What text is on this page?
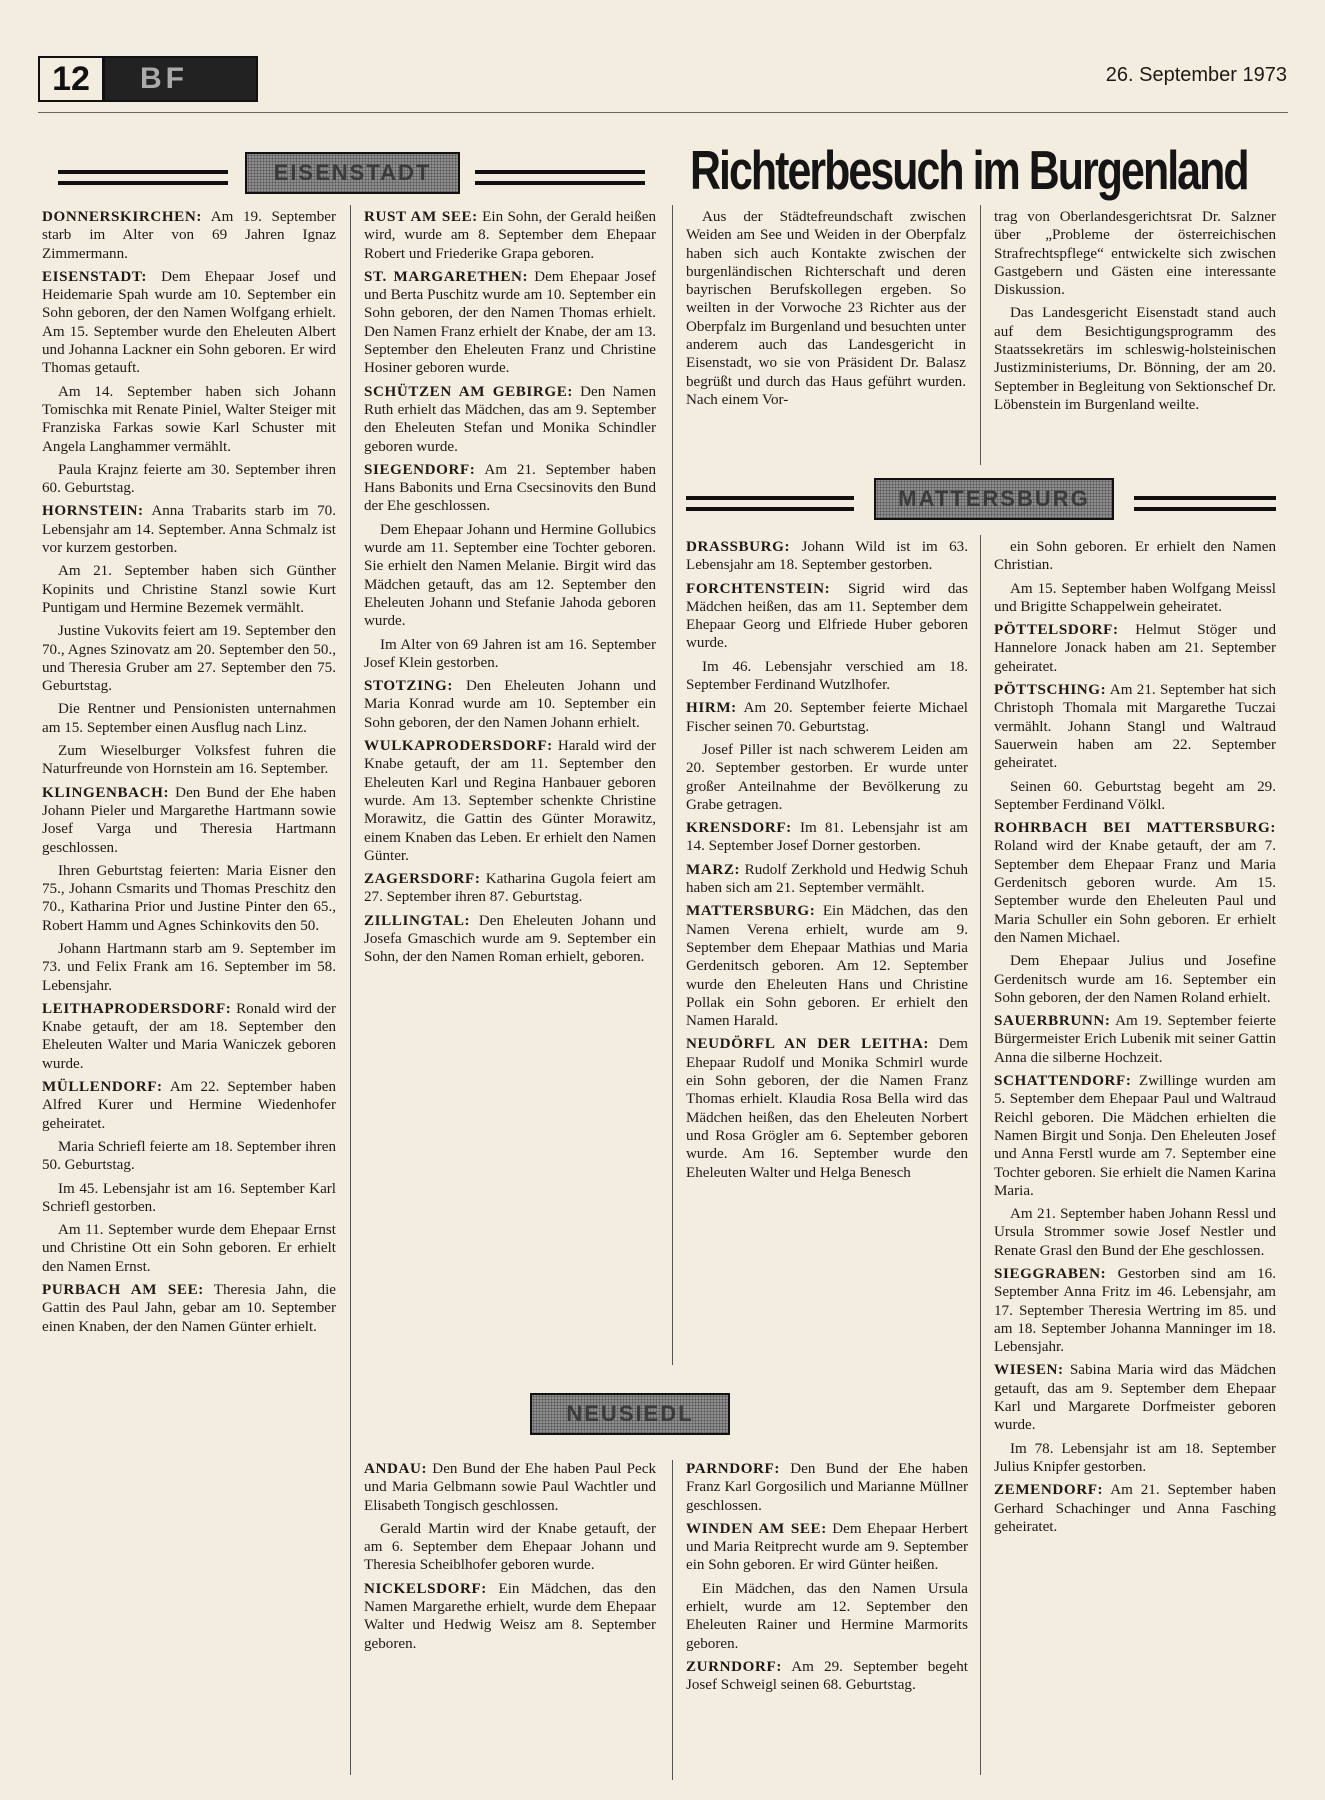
12	BF	26. September 1973
EISENSTADT	Richterbesuch im Burgenland

DONNERSKIRCHEN: Am 19. September starb im Alter von 69 Jahren Ignaz Zimmermann.

EISENSTADT: Dem Ehepaar Josef und Heidemarie Spah wurde am 10. September ein Sohn geboren, der den Namen Wolfgang erhielt. Am 15. September wurde den Eheleuten Albert und Johanna Lackner ein Sohn geboren. Er wird Thomas getauft.

Am 14. September haben sich Johann Tomischka mit Renate Piniel, Walter Steiger mit Franziska Farkas sowie Karl Schuster mit Angela Langhammer vermählt.

Paula Krajnz feierte am 30. September ihren 60. Geburtstag.

HORNSTEIN: Anna Trabarits starb im 70. Lebensjahr am 14. September. Anna Schmalz ist vor kurzem gestorben.

Am 21. September haben sich Günther Kopinits und Christine Stanzl sowie Kurt Puntigam und Hermine Bezemek vermählt.

Justine Vukovits feiert am 19. September den 70., Agnes Szinovatz am 20. September den 50., und Theresia Gruber am 27. September den 75. Geburtstag.

Die Rentner und Pensionisten unternahmen am 15. September einen Ausflug nach Linz.

Zum Wieselburger Volksfest fuhren die Naturfreunde von Hornstein am 16. September.

KLINGENBACH: Den Bund der Ehe haben Johann Pieler und Margarethe Hartmann sowie Josef Varga und Theresia Hartmann geschlossen.

Ihren Geburtstag feierten: Maria Eisner den 75., Johann Csmarits und Thomas Preschitz den 70., Katharina Prior und Justine Pinter den 65., Robert Hamm und Agnes Schinkovits den 50.

Johann Hartmann starb am 9. September im 73. und Felix Frank am 16. September im 58. Lebensjahr.

LEITHAPRODERSDORF: Ronald wird der Knabe getauft, der am 18. September den Eheleuten Walter und Maria Waniczek geboren wurde.

MÜLLENDORF: Am 22. September haben Alfred Kurer und Hermine Wiedenhofer geheiratet.

Maria Schriefl feierte am 18. September ihren 50. Geburtstag.

Im 45. Lebensjahr ist am 16. September Karl Schriefl gestorben.

Am 11. September wurde dem Ehepaar Ernst und Christine Ott ein Sohn geboren. Er erhielt den Namen Ernst.

PURBACH AM SEE: Theresia Jahn, die Gattin des Paul Jahn, gebar am 10. September einen Knaben, der den Namen Günter erhielt.

RUST AM SEE: Ein Sohn, der Gerald heißen wird, wurde am 8. September dem Ehepaar Robert und Friederike Grapa geboren.

ST. MARGARETHEN: Dem Ehepaar Josef und Berta Puschitz wurde am 10. September ein Sohn geboren, der den Namen Thomas erhielt. Den Namen Franz erhielt der Knabe, der am 13. September den Eheleuten Franz und Christine Hosiner geboren wurde.

SCHÜTZEN AM GEBIRGE: Den Namen Ruth erhielt das Mädchen, das am 9. September den Eheleuten Stefan und Monika Schindler geboren wurde.

SIEGENDORF: Am 21. September haben Hans Babonits und Erna Csecsinovits den Bund der Ehe geschlossen.

Dem Ehepaar Johann und Hermine Gollubics wurde am 11. September eine Tochter geboren. Sie erhielt den Namen Melanie. Birgit wird das Mädchen getauft, das am 12. September den Eheleuten Johann und Stefanie Jahoda geboren wurde.

Im Alter von 69 Jahren ist am 16. September Josef Klein gestorben.

STOTZING: Den Eheleuten Johann und Maria Konrad wurde am 10. September ein Sohn geboren, der den Namen Johann erhielt.

WULKAPRODERSDORF: Harald wird der Knabe getauft, der am 11. September den Eheleuten Karl und Regina Hanbauer geboren wurde. Am 13. September schenkte Christine Morawitz, die Gattin des Günter Morawitz, einem Knaben das Leben. Er erhielt den Namen Günter.

ZAGERSDORF: Katharina Gugola feiert am 27. September ihren 87. Geburtstag.

ZILLINGTAL: Den Eheleuten Johann und Josefa Gmaschich wurde am 9. September ein Sohn, der den Namen Roman erhielt, geboren.

Aus der Städtefreundschaft zwischen Weiden am See und Weiden in der Oberpfalz haben sich auch Kontakte zwischen der burgenländischen Richterschaft und deren bayrischen Berufskollegen ergeben. So weilten in der Vorwoche 23 Richter aus der Oberpfalz im Burgenland und besuchten unter anderem auch das Landesgericht in Eisenstadt, wo sie von Präsident Dr. Balasz begrüßt und durch das Haus geführt wurden. Nach einem Vor-

trag von Oberlandesgerichtsrat Dr. Salzner über „Probleme der österreichischen Strafrechtspflege“ entwickelte sich zwischen Gastgebern und Gästen eine interessante Diskussion.

Das Landesgericht Eisenstadt stand auch auf dem Besichtigungsprogramm des Staatssekretärs im schleswig-holsteinischen Justizministeriums, Dr. Bönning, der am 20. September in Begleitung von Sektionschef Dr. Löbenstein im Burgenland weilte.

MATTERSBURG

DRASSBURG: Johann Wild ist im 63. Lebensjahr am 18. September gestorben.

FORCHTENSTEIN: Sigrid wird das Mädchen heißen, das am 11. September dem Ehepaar Georg und Elfriede Huber geboren wurde.

Im 46. Lebensjahr verschied am 18. September Ferdinand Wutzlhofer.

HIRM: Am 20. September feierte Michael Fischer seinen 70. Geburtstag.

Josef Piller ist nach schwerem Leiden am 20. September gestorben. Er wurde unter großer Anteilnahme der Bevölkerung zu Grabe getragen.

KRENSDORF: Im 81. Lebensjahr ist am 14. September Josef Dorner gestorben.

MARZ: Rudolf Zerkhold und Hedwig Schuh haben sich am 21. September vermählt.

MATTERSBURG: Ein Mädchen, das den Namen Verena erhielt, wurde am 9. September dem Ehepaar Mathias und Maria Gerdenitsch geboren. Am 12. September wurde den Eheleuten Hans und Christine Pollak ein Sohn geboren. Er erhielt den Namen Harald.

NEUDÖRFL AN DER LEITHA: Dem Ehepaar Rudolf und Monika Schmirl wurde ein Sohn geboren, der die Namen Franz Thomas erhielt. Klaudia Rosa Bella wird das Mädchen heißen, das den Eheleuten Norbert und Rosa Grögler am 6. September geboren wurde. Am 16. September wurde den Eheleuten Walter und Helga Benesch

ein Sohn geboren. Er erhielt den Namen Christian.

Am 15. September haben Wolfgang Meissl und Brigitte Schappelwein geheiratet.

PÖTTELSDORF: Helmut Stöger und Hannelore Jonack haben am 21. September geheiratet.

PÖTTSCHING: Am 21. September hat sich Christoph Thomala mit Margarethe Tuczai vermählt. Johann Stangl und Waltraud Sauerwein haben am 22. September geheiratet.

Seinen 60. Geburtstag begeht am 29. September Ferdinand Völkl.

ROHRBACH BEI MATTERSBURG: Roland wird der Knabe getauft, der am 7. September dem Ehepaar Franz und Maria Gerdenitsch geboren wurde. Am 15. September wurde den Eheleuten Paul und Maria Schuller ein Sohn geboren. Er erhielt den Namen Michael.

Dem Ehepaar Julius und Josefine Gerdenitsch wurde am 16. September ein Sohn geboren, der den Namen Roland erhielt.

SAUERBRUNN: Am 19. September feierte Bürgermeister Erich Lubenik mit seiner Gattin Anna die silberne Hochzeit.

SCHATTENDORF: Zwillinge wurden am 5. September dem Ehepaar Paul und Waltraud Reichl geboren. Die Mädchen erhielten die Namen Birgit und Sonja. Den Eheleuten Josef und Anna Ferstl wurde am 7. September eine Tochter geboren. Sie erhielt die Namen Karina Maria.

Am 21. September haben Johann Ressl und Ursula Strommer sowie Josef Nestler und Renate Grasl den Bund der Ehe geschlossen.

SIEGGRABEN: Gestorben sind am 16. September Anna Fritz im 46. Lebensjahr, am 17. September Theresia Wertring im 85. und am 18. September Johanna Manninger im 18. Lebensjahr.

WIESEN: Sabina Maria wird das Mädchen getauft, das am 9. September dem Ehepaar Karl und Margarete Dorfmeister geboren wurde.

Im 78. Lebensjahr ist am 18. September Julius Knipfer gestorben.

ZEMENDORF: Am 21. September haben Gerhard Schachinger und Anna Fasching geheiratet.

NEUSIEDL

ANDAU: Den Bund der Ehe haben Paul Peck und Maria Gelbmann sowie Paul Wachtler und Elisabeth Tongisch geschlossen.

Gerald Martin wird der Knabe getauft, der am 6. September dem Ehepaar Johann und Theresia Scheiblhofer geboren wurde.

NICKELSDORF: Ein Mädchen, das den Namen Margarethe erhielt, wurde dem Ehepaar Walter und Hedwig Weisz am 8. September geboren.

PARNDORF: Den Bund der Ehe haben Franz Karl Gorgosilich und Marianne Müllner geschlossen.

WINDEN AM SEE: Dem Ehepaar Herbert und Maria Reitprecht wurde am 9. September ein Sohn geboren. Er wird Günter heißen.

Ein Mädchen, das den Namen Ursula erhielt, wurde am 12. September den Eheleuten Rainer und Hermine Marmorits geboren.

ZURNDORF: Am 29. September begeht Josef Schweigl seinen 68. Geburtstag.
